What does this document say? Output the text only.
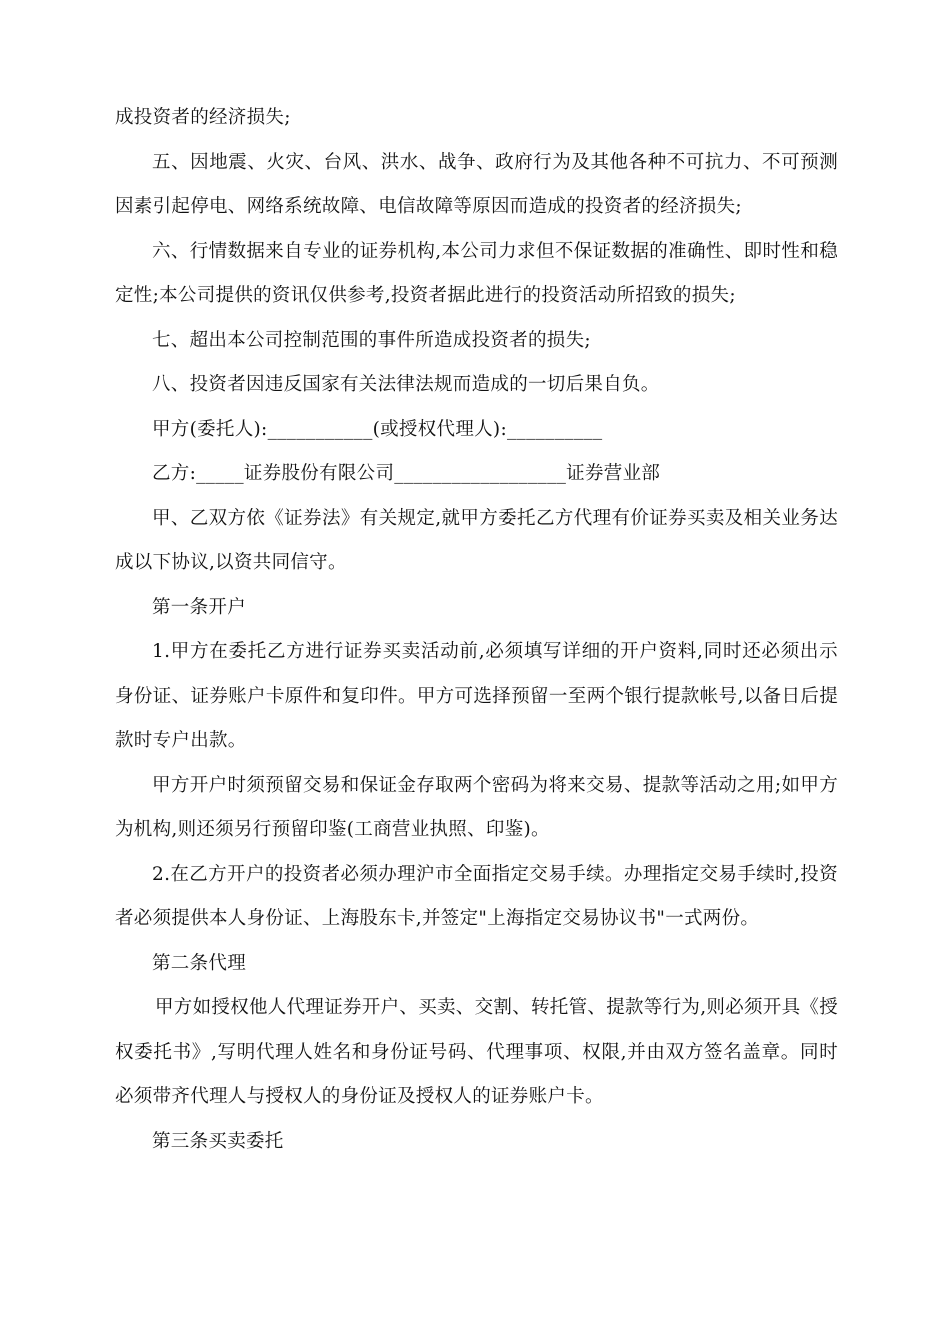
成投资者的经济损失;

五、因地震、火灾、台风、洪水、战争、政府行为及其他各种不可抗力、不可预测因素引起停电、网络系统故障、电信故障等原因而造成的投资者的经济损失;

六、行情数据来自专业的证券机构,本公司力求但不保证数据的准确性、即时性和稳定性;本公司提供的资讯仅供参考,投资者据此进行的投资活动所招致的损失;

七、超出本公司控制范围的事件所造成投资者的损失;

八、投资者因违反国家有关法律法规而造成的一切后果自负。

甲方(委托人):___________(或授权代理人):__________

乙方:_____证券股份有限公司__________________证券营业部

甲、乙双方依《证券法》有关规定,就甲方委托乙方代理有价证券买卖及相关业务达成以下协议,以资共同信守。

第一条开户

1.甲方在委托乙方进行证券买卖活动前,必须填写详细的开户资料,同时还必须出示身份证、证券账户卡原件和复印件。甲方可选择预留一至两个银行提款帐号,以备日后提款时专户出款。

甲方开户时须预留交易和保证金存取两个密码为将来交易、提款等活动之用;如甲方为机构,则还须另行预留印鉴(工商营业执照、印鉴)。

2.在乙方开户的投资者必须办理沪市全面指定交易手续。办理指定交易手续时,投资者必须提供本人身份证、上海股东卡,并签定"上海指定交易协议书"一式两份。

第二条代理

甲方如授权他人代理证券开户、买卖、交割、转托管、提款等行为,则必须开具《授权委托书》,写明代理人姓名和身份证号码、代理事项、权限,并由双方签名盖章。同时必须带齐代理人与授权人的身份证及授权人的证券账户卡。

第三条买卖委托
